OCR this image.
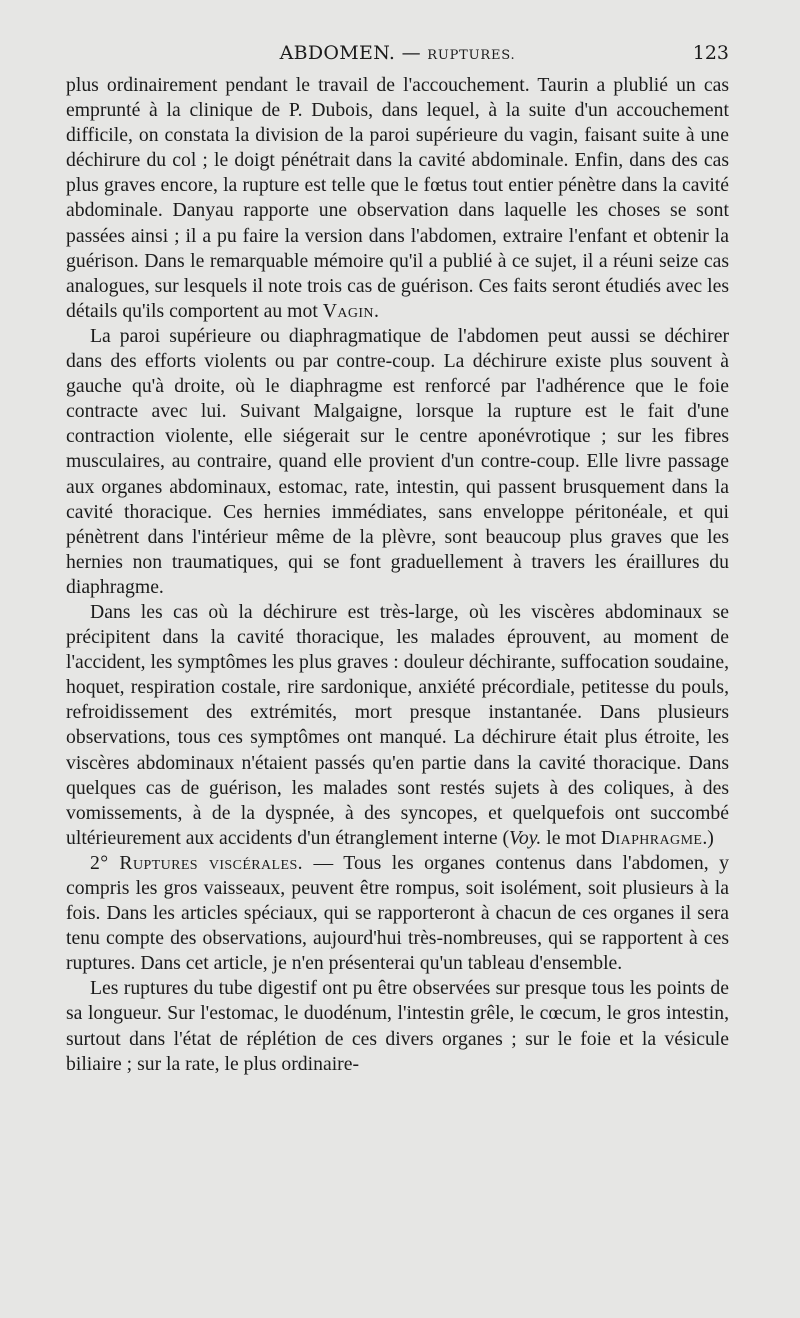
ABDOMEN. — RUPTURES.	123

plus ordinairement pendant le travail de l'accouchement. Taurin a plublié un cas emprunté à la clinique de P. Dubois, dans lequel, à la suite d'un accouchement difficile, on constata la division de la paroi supérieure du vagin, faisant suite à une déchirure du col ; le doigt pénétrait dans la cavité abdominale. Enfin, dans des cas plus graves encore, la rupture est telle que le fœtus tout entier pénètre dans la cavité abdominale. Danyau rapporte une observation dans laquelle les choses se sont passées ainsi ; il a pu faire la version dans l'abdomen, extraire l'enfant et obtenir la guérison. Dans le remarquable mémoire qu'il a publié à ce sujet, il a réuni seize cas analogues, sur lesquels il note trois cas de guérison. Ces faits seront étudiés avec les détails qu'ils comportent au mot Vagin.

La paroi supérieure ou diaphragmatique de l'abdomen peut aussi se déchirer dans des efforts violents ou par contre-coup. La déchirure existe plus souvent à gauche qu'à droite, où le diaphragme est renforcé par l'adhérence que le foie contracte avec lui. Suivant Malgaigne, lorsque la rupture est le fait d'une contraction violente, elle siégerait sur le centre aponévrotique ; sur les fibres musculaires, au contraire, quand elle provient d'un contre-coup. Elle livre passage aux organes abdominaux, estomac, rate, intestin, qui passent brusquement dans la cavité thoracique. Ces hernies immédiates, sans enveloppe péritonéale, et qui pénètrent dans l'intérieur même de la plèvre, sont beaucoup plus graves que les hernies non traumatiques, qui se font graduellement à travers les éraillures du diaphragme.

Dans les cas où la déchirure est très-large, où les viscères abdominaux se précipitent dans la cavité thoracique, les malades éprouvent, au moment de l'accident, les symptômes les plus graves : douleur déchirante, suffocation soudaine, hoquet, respiration costale, rire sardonique, anxiété précordiale, petitesse du pouls, refroidissement des extrémités, mort presque instantanée. Dans plusieurs observations, tous ces symptômes ont manqué. La déchirure était plus étroite, les viscères abdominaux n'étaient passés qu'en partie dans la cavité thoracique. Dans quelques cas de guérison, les malades sont restés sujets à des coliques, à des vomissements, à de la dyspnée, à des syncopes, et quelquefois ont succombé ultérieurement aux accidents d'un étranglement interne (Voy. le mot Diaphragme.)

2° Ruptures viscérales. — Tous les organes contenus dans l'abdomen, y compris les gros vaisseaux, peuvent être rompus, soit isolément, soit plusieurs à la fois. Dans les articles spéciaux, qui se rapporteront à chacun de ces organes il sera tenu compte des observations, aujourd'hui très-nombreuses, qui se rapportent à ces ruptures. Dans cet article, je n'en présenterai qu'un tableau d'ensemble.

Les ruptures du tube digestif ont pu être observées sur presque tous les points de sa longueur. Sur l'estomac, le duodénum, l'intestin grêle, le cœcum, le gros intestin, surtout dans l'état de réplétion de ces divers organes ; sur le foie et la vésicule biliaire ; sur la rate, le plus ordinaire-
